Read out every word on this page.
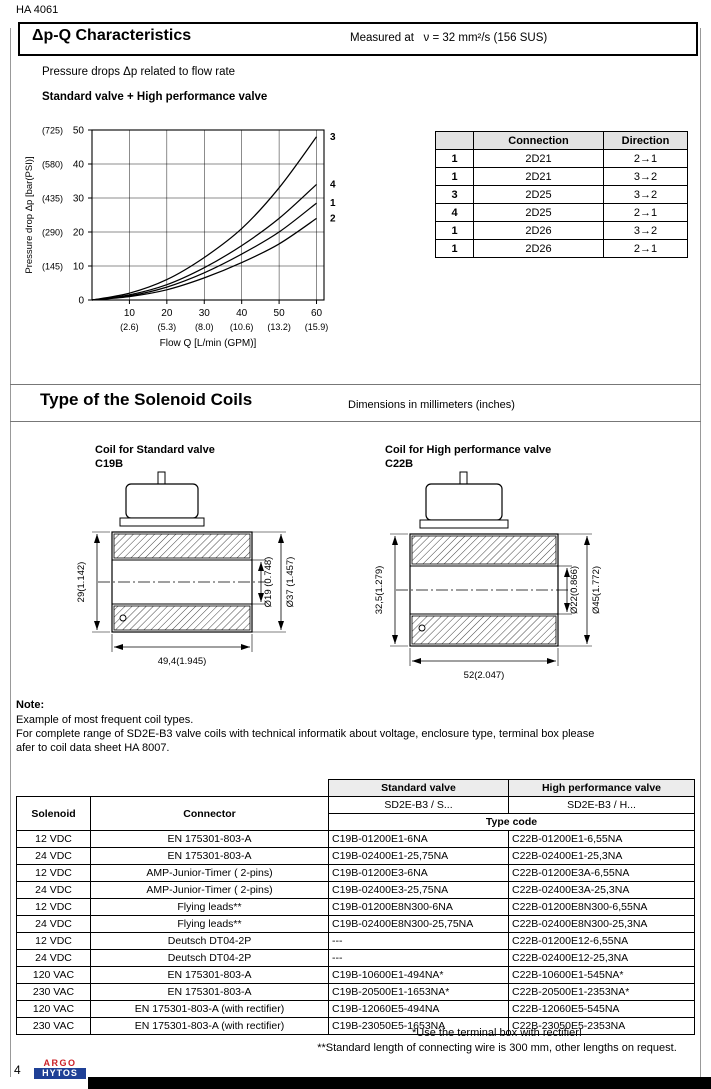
HA 4061
Δp-Q Characteristics	Measured at ν = 32 mm²/s (156 SUS)
Pressure drops Δp related to flow rate
Standard valve + High performance valve
0
10
(145)
20
(290)
30
(435)
40
(580)
50
(725)
10
(2.6)
20
(5.3)
30
(8.0)
40
(10.6)
50
(13.2)
60
(15.9)
Flow Q [L/min (GPM)]
Pressure drop Δp [bar(PSI)]
3
4
1
2
	Connection	Direction
1	2D21	2→1
1	2D21	3→2
3	2D25	3→2
4	2D25	2→1
1	2D26	3→2
1	2D26	2→1
Type of the Solenoid Coils	Dimensions in millimeters (inches)
Coil for Standard valve
C19B
Coil for High performance valve
C22B
29(1.142)	Ø19 (0.748) Ø37 (1.457)
49,4(1.945)
32,5(1.279)	Ø22(0.866) Ø45(1.772)
52(2.047)
Note:
Example of most frequent coil types.
For complete range of SD2E-B3 valve coils with technical informatik about voltage, enclosure type, terminal box please
afer to coil data sheet HA 8007.
		Standard valve	High performance valve
Solenoid	Connector	SD2E-B3 / S...	SD2E-B3 / H...
		Type code	
12 VDC	EN 175301-803-A	C19B-01200E1-6NA	C22B-01200E1-6,55NA
24 VDC	EN 175301-803-A	C19B-02400E1-25,75NA	C22B-02400E1-25,3NA
12 VDC	AMP-Junior-Timer ( 2-pins)	C19B-01200E3-6NA	C22B-01200E3A-6,55NA
24 VDC	AMP-Junior-Timer ( 2-pins)	C19B-02400E3-25,75NA	C22B-02400E3A-25,3NA
12 VDC	Flying leads**	C19B-01200E8N300-6NA	C22B-01200E8N300-6,55NA
24 VDC	Flying leads**	C19B-02400E8N300-25,75NA	C22B-02400E8N300-25,3NA
12 VDC	Deutsch DT04-2P	---	C22B-01200E12-6,55NA
24 VDC	Deutsch DT04-2P	---	C22B-02400E12-25,3NA
120 VAC	EN 175301-803-A	C19B-10600E1-494NA*	C22B-10600E1-545NA*
230 VAC	EN 175301-803-A	C19B-20500E1-1653NA*	C22B-20500E1-2353NA*
120 VAC	EN 175301-803-A (with rectifier)	C19B-12060E5-494NA	C22B-12060E5-545NA
230 VAC	EN 175301-803-A (with rectifier)	C19B-23050E5-1653NA	C22B-23050E5-2353NA
*Use the terminal box with rectifier!
**Standard length of connecting wire is 300 mm, other lengths on request.
4	ARGO
HYTOS
